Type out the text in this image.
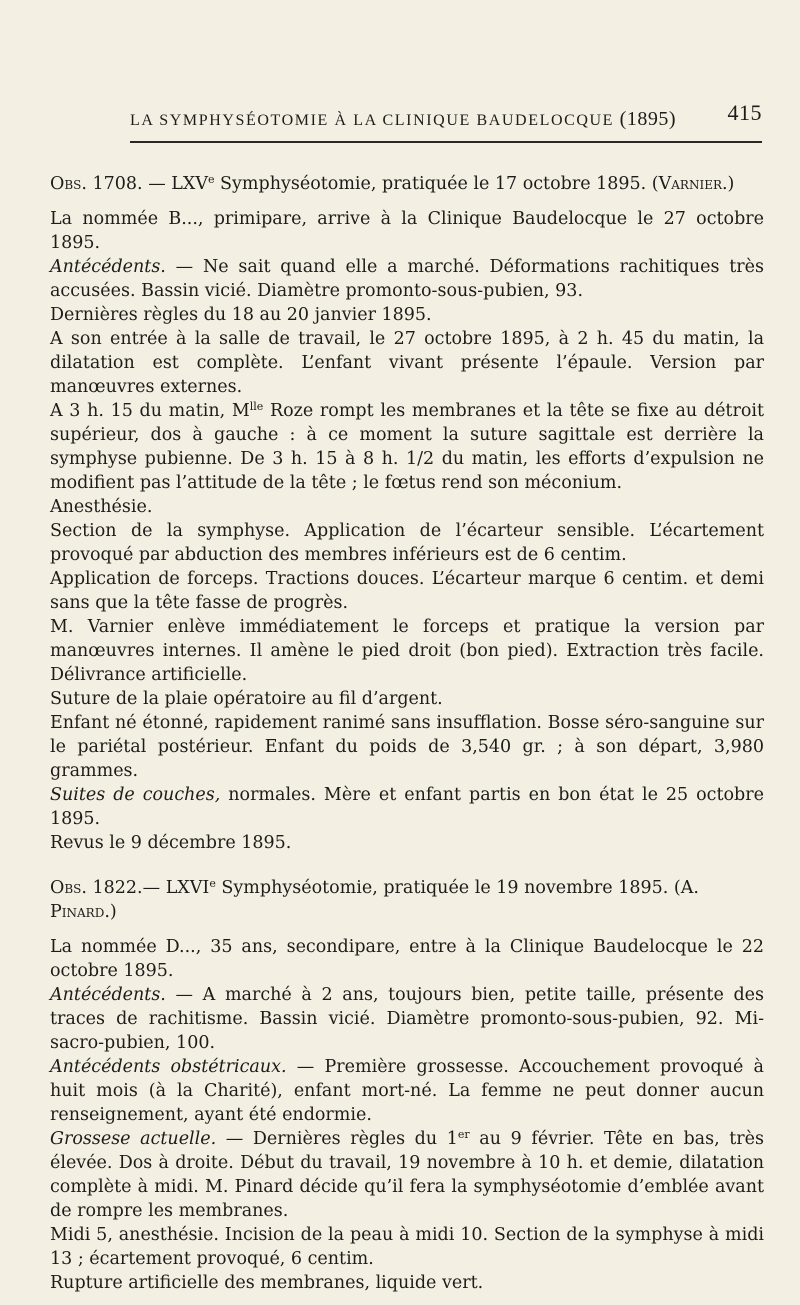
LA SYMPHYSÉOTOMIE À LA CLINIQUE BAUDELOCQUE (1895) 415

Obs. 1708. — LXVe Symphyséotomie, pratiquée le 17 octobre 1895. (Varnier.)

La nommée B..., primipare, arrive à la Clinique Baudelocque le 27 octobre 1895.

Antécédents. — Ne sait quand elle a marché. Déformations rachitiques très accusées. Bassin vicié. Diamètre promonto-sous-pubien, 93.

Dernières règles du 18 au 20 janvier 1895.

A son entrée à la salle de travail, le 27 octobre 1895, à 2 h. 45 du matin, la dilatation est complète. L’enfant vivant présente l’épaule. Version par manœuvres externes.

A 3 h. 15 du matin, $M^{lle}$ Roze rompt les membranes et la tête se fixe au détroit supérieur, dos à gauche : à ce moment la suture sagittale est derrière la symphyse pubienne. De 3 h. 15 à 8 h. 1/2 du matin, les efforts d’expulsion ne modifient pas l’attitude de la tête ; le fœtus rend son méconium.

Anesthésie.

Section de la symphyse. Application de l’écarteur sensible. L’écartement provoqué par abduction des membres inférieurs est de 6 centim.

Application de forceps. Tractions douces. L’écarteur marque 6 centim. et demi sans que la tête fasse de progrès.

M. Varnier enlève immédiatement le forceps et pratique la version par manœuvres internes. Il amène le pied droit (bon pied). Extraction très facile. Délivrance artificielle.

Suture de la plaie opératoire au fil d’argent.

Enfant né étonné, rapidement ranimé sans insufflation. Bosse séro-sanguine sur le pariétal postérieur. Enfant du poids de 3,540 gr. ; à son départ, 3,980 grammes.

Suites de couches, normales. Mère et enfant partis en bon état le 25 octobre 1895.

Revus le 9 décembre 1895.

Obs. 1822.— LXVIe Symphyséotomie, pratiquée le 19 novembre 1895. (A. Pinard.)

La nommée D..., 35 ans, secondipare, entre à la Clinique Baudelocque le 22 octobre 1895.

Antécédents. — A marché à 2 ans, toujours bien, petite taille, présente des traces de rachitisme. Bassin vicié. Diamètre promonto-sous-pubien, 92. Mi-sacro-pubien, 100.

Antécédents obstétricaux. — Première grossesse. Accouchement provoqué à huit mois (à la Charité), enfant mort-né. La femme ne peut donner aucun renseignement, ayant été endormie.

Grossese actuelle. — Dernières règles du 1er au 9 février. Tête en bas, très élevée. Dos à droite. Début du travail, 19 novembre à 10 h. et demie, dilatation complète à midi. M. Pinard décide qu’il fera la symphyséotomie d’emblée avant de rompre les membranes.

Midi 5, anesthésie. Incision de la peau à midi 10. Section de la symphyse à midi 13 ; écartement provoqué, 6 centim.

Rupture artificielle des membranes, liquide vert.
